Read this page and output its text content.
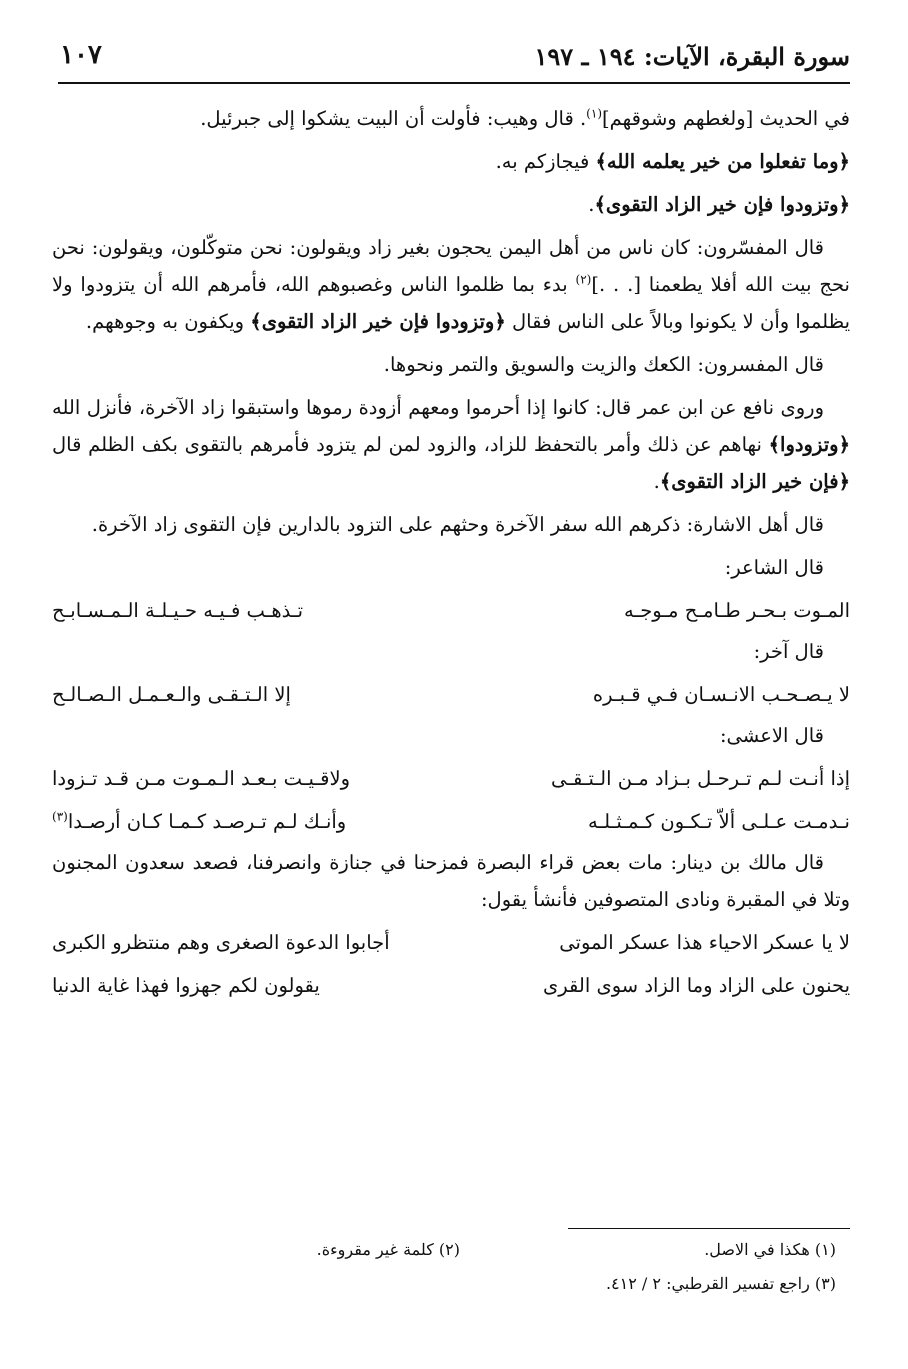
سورة البقرة، الآيات: ١٩٤ ـ ١٩٧
١٠٧

في الحديث [ولغطهم وشوقهم]$^{(١)}$. قال وهيب: فأولت أن البيت يشكوا إلى جبرئيل.

﴿وما تفعلوا من خير يعلمه الله﴾ فيجازكم به.

﴿وتزودوا فإن خير الزاد التقوى﴾.

قال المفسّرون: كان ناس من أهل اليمن يحجون بغير زاد ويقولون: نحن متوكّلون، ويقولون: نحن نحج بيت الله أفلا يطعمنا [. . .]$^{(٢)}$ بدء بما ظلموا الناس وغصبوهم الله، فأمرهم الله أن يتزودوا ولا يظلموا وأن لا يكونوا وبالاً على الناس فقال ﴿وتزودوا فإن خير الزاد التقوى﴾ ويكفون به وجوههم.

قال المفسرون: الكعك والزيت والسويق والتمر ونحوها.

وروى نافع عن ابن عمر قال: كانوا إذا أحرموا ومعهم أزودة رموها واستبقوا زاد الآخرة، فأنزل الله ﴿وتزودوا﴾ نهاهم عن ذلك وأمر بالتحفظ للزاد، والزود لمن لم يتزود فأمرهم بالتقوى بكف الظلم قال ﴿فإن خير الزاد التقوى﴾.

قال أهل الاشارة: ذكرهم الله سفر الآخرة وحثهم على التزود بالدارين فإن التقوى زاد الآخرة.

قال الشاعر:

المـوت بـحـر طـامـح مـوجـه
تـذهـب فـيـه حـيـلـة الـمـسـابـح

قال آخر:

لا يـصـحـب الانـسـان فـي قـبـره
إلا الـتـقـى والـعـمـل الـصـالـح

قال الاعشى:

إذا أنـت لـم تـرحـل بـزاد مـن الـتـقـى
ولاقـيـت بـعـد الـمـوت مـن قـد تـزودا
نـدمـت عـلـى ألاّ تـكـون كـمـثـلـه
وأنـك لـم تـرصـد كـمـا كـان أرصـدا$^{(٣)}$

قال مالك بن دينار: مات بعض قراء البصرة فمزحنا في جنازة وانصرفنا، فصعد سعدون المجنون وتلا في المقبرة ونادى المتصوفين فأنشأ يقول:

لا يا عسكر الاحياء هذا عسكر الموتى
أجابوا الدعوة الصغرى وهم منتظرو الكبرى
يحنون على الزاد وما الزاد سوى القرى
يقولون لكم جهزوا فهذا غاية الدنيا
(١) هكذا في الاصل.
(٢) كلمة غير مقروءة.
(٣) راجع تفسير القرطبي: ٢ / ٤١٢.
